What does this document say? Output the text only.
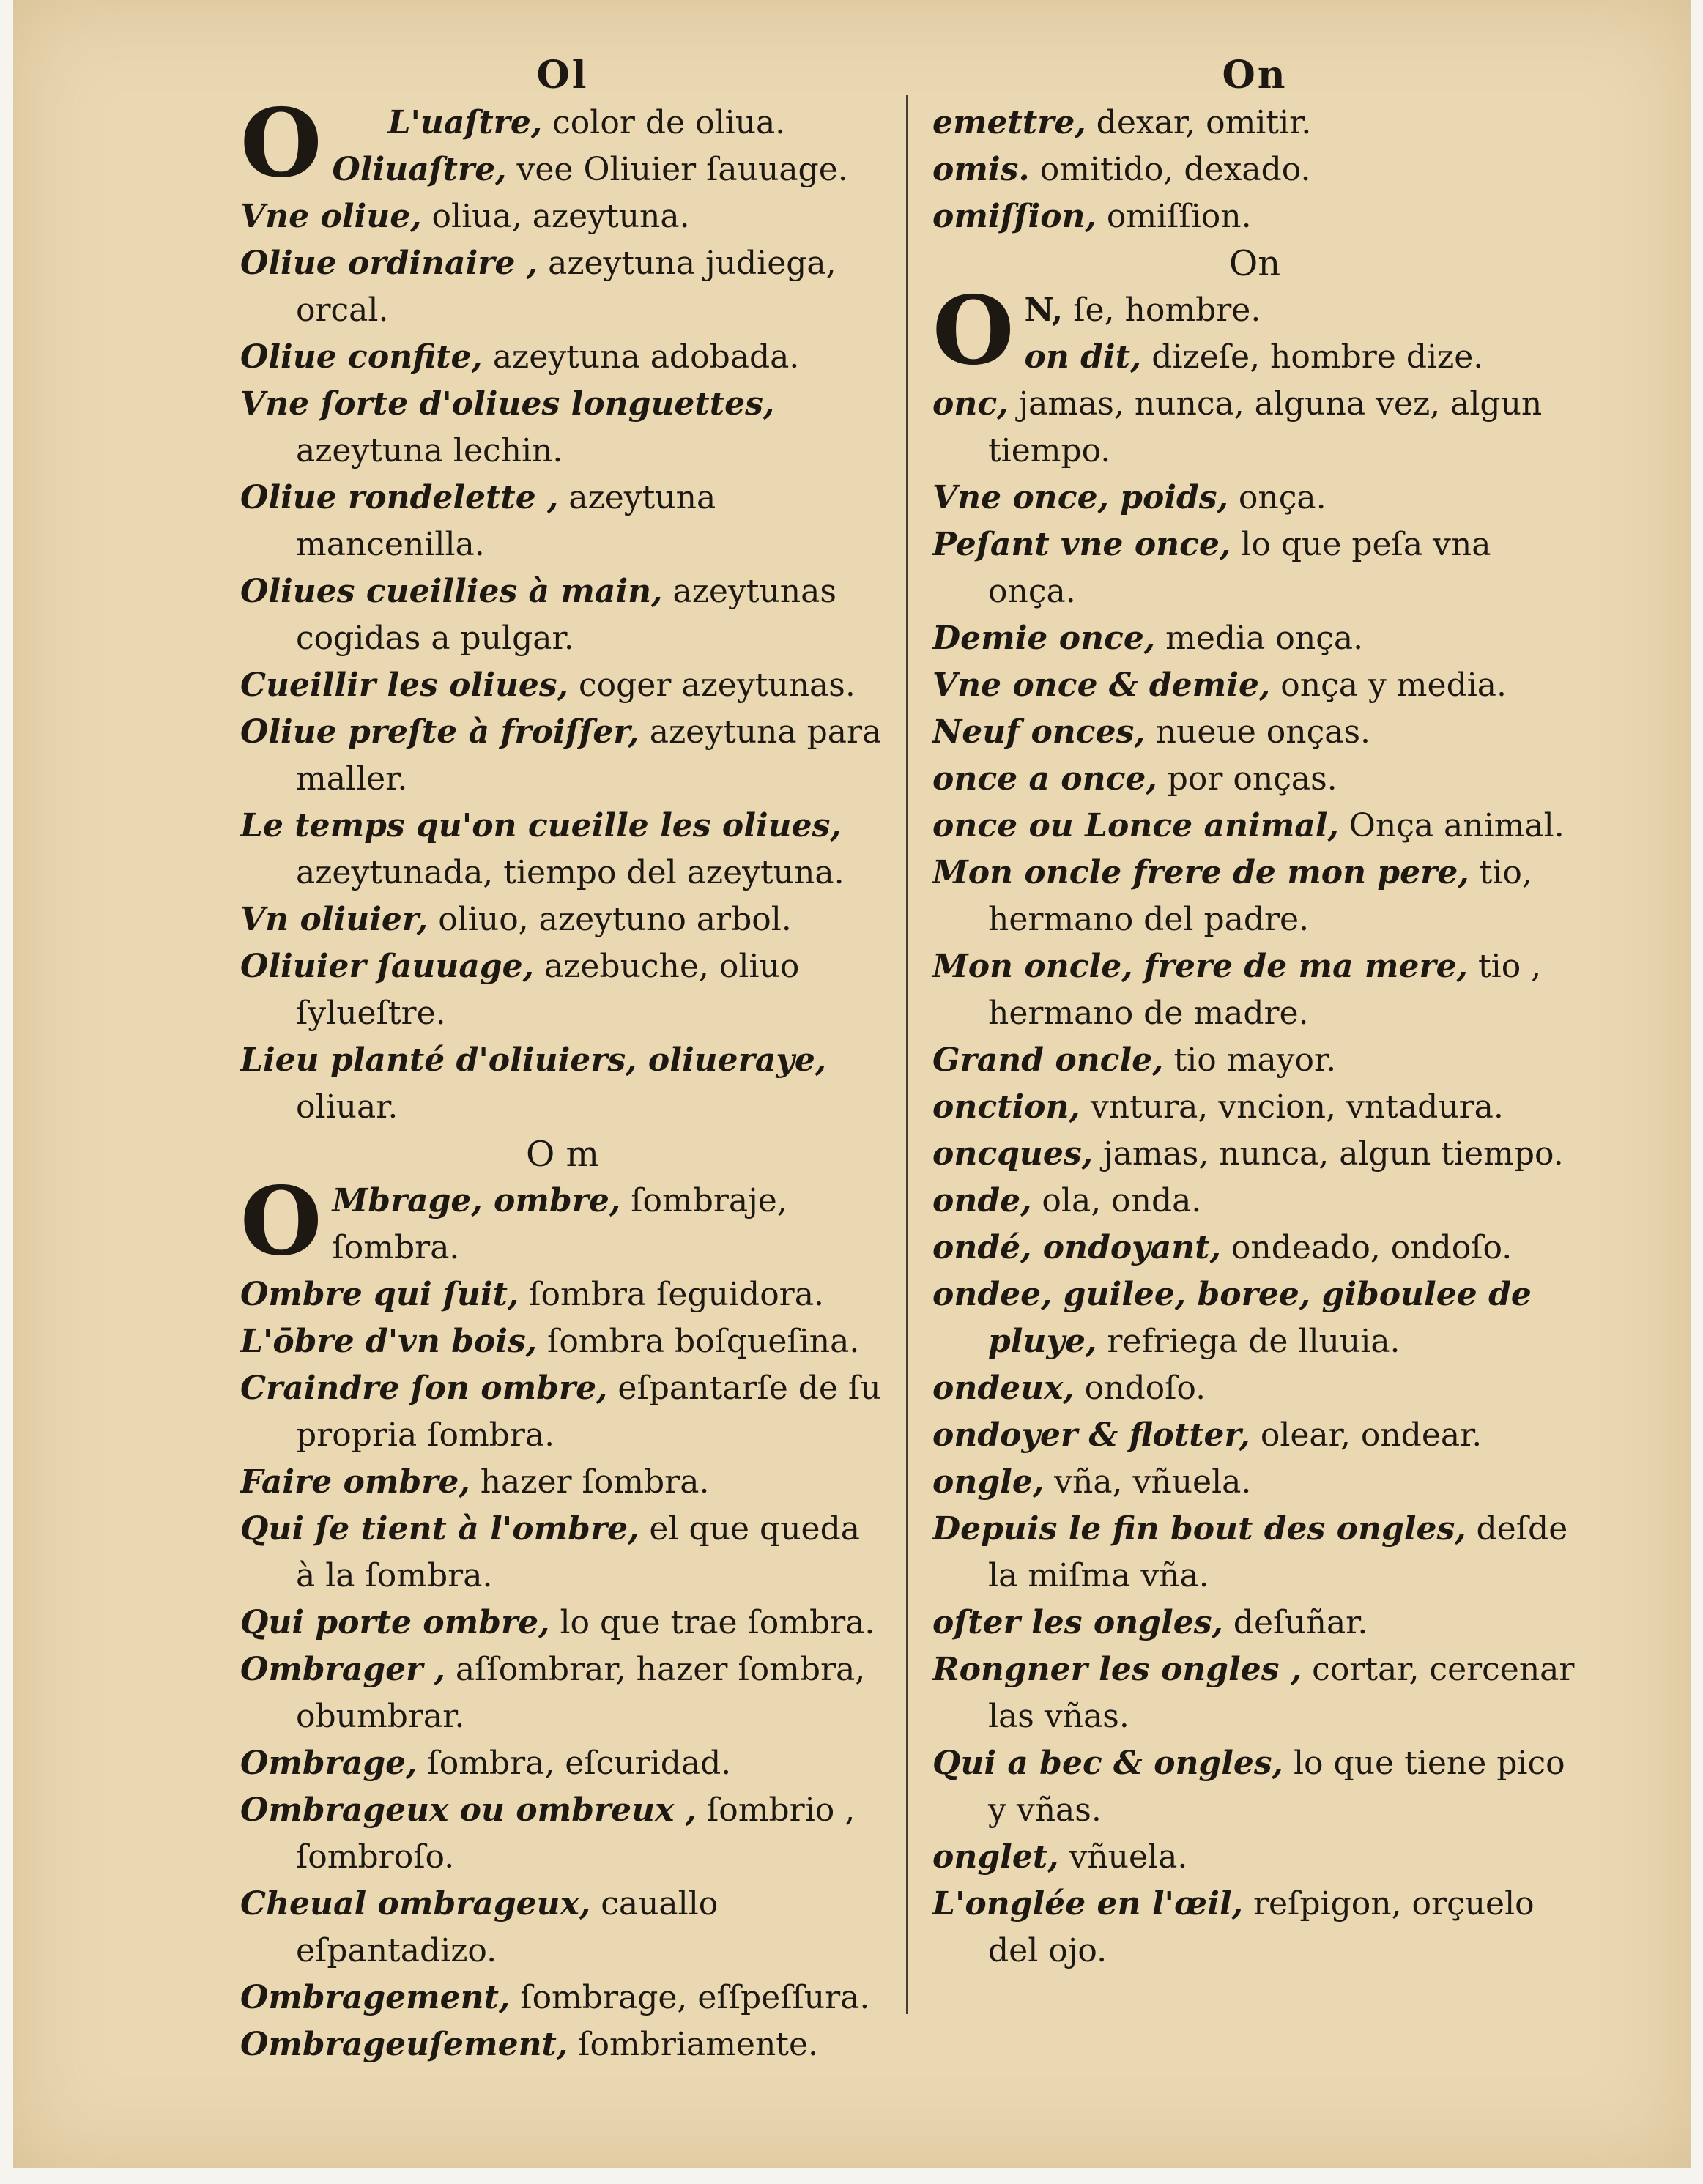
Ol
O	L'uaſtre, color de oliua.
Oliuaſtre, vee Oliuier ſauuage.
Vne oliue, oliua, azeytuna.
Oliue ordinaire , azeytuna judiega, orcal.
Oliue confite, azeytuna adobada.
Vne ſorte d'oliues longuettes, azeytuna lechin.
Oliue rondelette , azeytuna mancenilla.
Oliues cueillies à main, azeytunas cogidas a pulgar.
Cueillir les oliues, coger azeytunas.
Oliue preſte à froiſſer, azeytuna para maller.
Le temps qu'on cueille les oliues, azeytunada, tiempo del azeytuna.
Vn oliuier, oliuo, azeytuno arbol.
Oliuier ſauuage, azebuche, oliuo ſylueſtre.
Lieu planté d'oliuiers, oliueraye, oliuar.
O m
O Mbrage, ombre, ſombraje, ſombra.
Ombre qui ſuit, ſombra ſeguidora.
L'ōbre d'vn bois, ſombra boſqueſina.
Craindre ſon ombre, eſpantarſe de ſu propria ſombra.
Faire ombre, hazer ſombra.
Qui ſe tient à l'ombre, el que queda à la ſombra.
Qui porte ombre, lo que trae ſombra.
Ombrager , aſſombrar, hazer ſombra, obumbrar.
Ombrage, ſombra, eſcuridad.
Ombrageux ou ombreux , ſombrio , ſombroſo.
Cheual ombrageux, cauallo eſpantadizo.
Ombragement, ſombrage, eſſpeſſura.
Ombrageuſement, ſombriamente.
On
emettre, dexar, omitir.
omis. omitido, dexado.
omiſſion, omiſſion.
On
O N, ſe, hombre.
on dit, dizeſe, hombre dize.
onc, jamas, nunca, alguna vez, algun tiempo.
Vne once, poids, onça.
Peſant vne once, lo que peſa vna onça.
Demie once, media onça.
Vne once & demie, onça y media.
Neuf onces, nueue onças.
once a once, por onças.
once ou Lonce animal, Onça animal.
Mon oncle frere de mon pere, tio, hermano del padre.
Mon oncle, frere de ma mere, tio , hermano de madre.
Grand oncle, tio mayor.
onction, vntura, vncion, vntadura.
oncques, jamas, nunca, algun tiempo.
onde, ola, onda.
ondé, ondoyant, ondeado, ondoſo.
ondee, guilee, boree, giboulee de pluye, refriega de lluuia.
ondeux, ondoſo.
ondoyer & flotter, olear, ondear.
ongle, vña, vñuela.
Depuis le fin bout des ongles, deſde la miſma vña.
oſter les ongles, deſuñar.
Rongner les ongles , cortar, cercenar las vñas.
Qui a bec & ongles, lo que tiene pico y vñas.
onglet, vñuela.
L'onglée en l'œil, reſpigon, orçuelo del ojo.
